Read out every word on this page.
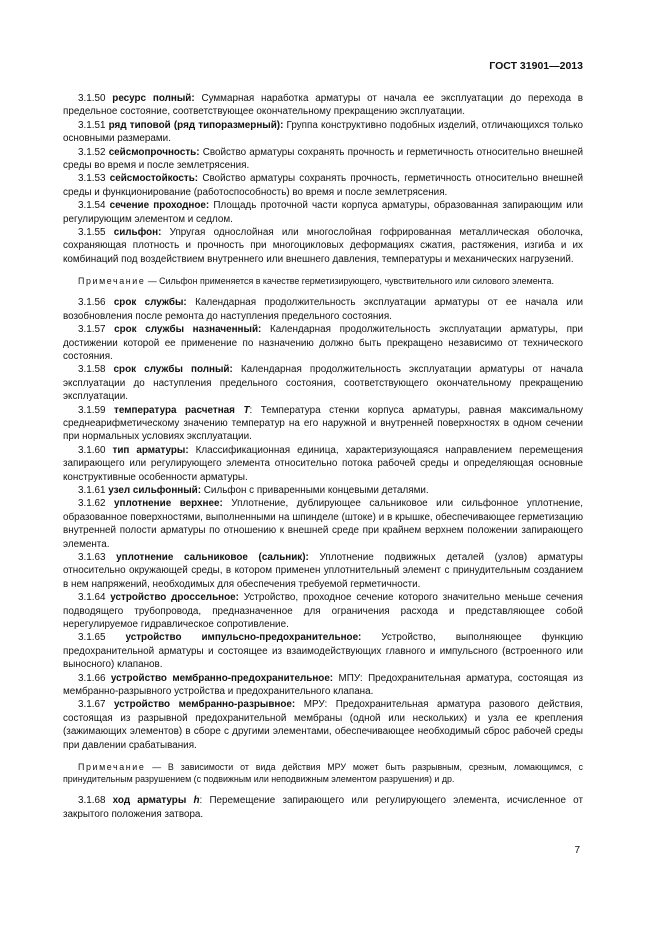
ГОСТ 31901—2013

3.1.50 ресурс полный: Суммарная наработка арматуры от начала ее эксплуатации до перехода в предельное состояние, соответствующее окончательному прекращению эксплуатации.

3.1.51 ряд типовой (ряд типоразмерный): Группа конструктивно подобных изделий, отличающихся только основными размерами.

3.1.52 сейсмопрочность: Свойство арматуры сохранять прочность и герметичность относительно внешней среды во время и после землетрясения.

3.1.53 сейсмостойкость: Свойство арматуры сохранять прочность, герметичность относительно внешней среды и функционирование (работоспособность) во время и после землетрясения.

3.1.54 сечение проходное: Площадь проточной части корпуса арматуры, образованная запирающим или регулирующим элементом и седлом.

3.1.55 сильфон: Упругая однослойная или многослойная гофрированная металлическая оболочка, сохраняющая плотность и прочность при многоцикловых деформациях сжатия, растяжения, изгиба и их комбинаций под воздействием внутреннего или внешнего давления, температуры и механических нагрузений.

Примечание — Сильфон применяется в качестве герметизирующего, чувствительного или силового элемента.

3.1.56 срок службы: Календарная продолжительность эксплуатации арматуры от ее начала или возобновления после ремонта до наступления предельного состояния.

3.1.57 срок службы назначенный: Календарная продолжительность эксплуатации арматуры, при достижении которой ее применение по назначению должно быть прекращено независимо от технического состояния.

3.1.58 срок службы полный: Календарная продолжительность эксплуатации арматуры от начала эксплуатации до наступления предельного состояния, соответствующего окончательному прекращению эксплуатации.

3.1.59 температура расчетная T: Температура стенки корпуса арматуры, равная максимальному среднеарифметическому значению температур на его наружной и внутренней поверхностях в одном сечении при нормальных условиях эксплуатации.

3.1.60 тип арматуры: Классификационная единица, характеризующаяся направлением перемещения запирающего или регулирующего элемента относительно потока рабочей среды и определяющая основные конструктивные особенности арматуры.

3.1.61 узел сильфонный: Сильфон с приваренными концевыми деталями.

3.1.62 уплотнение верхнее: Уплотнение, дублирующее сальниковое или сильфонное уплотнение, образованное поверхностями, выполненными на шпинделе (штоке) и в крышке, обеспечивающее герметизацию внутренней полости арматуры по отношению к внешней среде при крайнем верхнем положении запирающего элемента.

3.1.63 уплотнение сальниковое (сальник): Уплотнение подвижных деталей (узлов) арматуры относительно окружающей среды, в котором применен уплотнительный элемент с принудительным созданием в нем напряжений, необходимых для обеспечения требуемой герметичности.

3.1.64 устройство дроссельное: Устройство, проходное сечение которого значительно меньше сечения подводящего трубопровода, предназначенное для ограничения расхода и представляющее собой нерегулируемое гидравлическое сопротивление.

3.1.65 устройство импульсно-предохранительное: Устройство, выполняющее функцию предохранительной арматуры и состоящее из взаимодействующих главного и импульсного (встроенного или выносного) клапанов.

3.1.66 устройство мембранно-предохранительное: МПУ: Предохранительная арматура, состоящая из мембранно-разрывного устройства и предохранительного клапана.

3.1.67 устройство мембранно-разрывное: МРУ: Предохранительная арматура разового действия, состоящая из разрывной предохранительной мембраны (одной или нескольких) и узла ее крепления (зажимающих элементов) в сборе с другими элементами, обеспечивающее необходимый сброс рабочей среды при давлении срабатывания.

Примечание — В зависимости от вида действия МРУ может быть разрывным, срезным, ломающимся, с принудительным разрушением (с подвижным или неподвижным элементом разрушения) и др.

3.1.68 ход арматуры h: Перемещение запирающего или регулирующего элемента, исчисленное от закрытого положения затвора.

7
